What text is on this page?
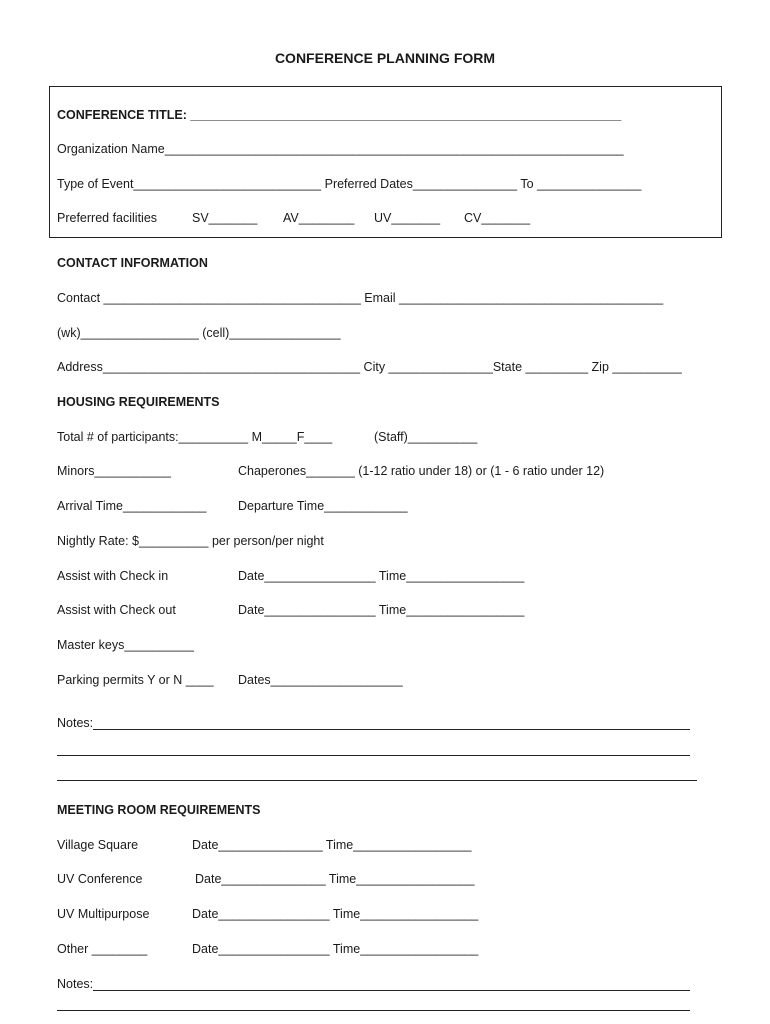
CONFERENCE PLANNING FORM
CONFERENCE TITLE: ______________________________________________________________
Organization Name__________________________________________________________________
Type of Event___________________________ Preferred Dates_______________ To _______________
Preferred facilities	SV_______ AV________ UV_______ CV_______
CONTACT INFORMATION
Contact _____________________________________ Email ______________________________________
(wk)_________________ (cell)________________
Address_____________________________________ City _______________State _________ Zip __________
HOUSING REQUIREMENTS
Total # of participants:__________ M_____F____	(Staff)__________
Minors___________	Chaperones_______ (1-12 ratio under 18) or (1 - 6 ratio under 12)
Arrival Time____________	Departure Time____________
Nightly Rate: $__________ per person/per night
Assist with Check in	Date________________ Time_________________
Assist with Check out	Date________________ Time_________________
Master keys__________
Parking permits Y or N ____ Dates___________________
Notes:
MEETING ROOM REQUIREMENTS
Village Square	Date_______________ Time_________________
UV Conference	Date_______________ Time_________________
UV Multipurpose	Date________________ Time_________________
Other ________	Date________________ Time_________________
Notes:
